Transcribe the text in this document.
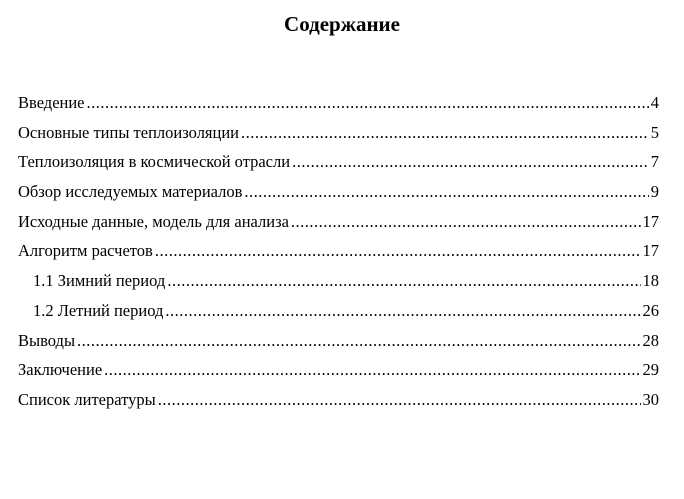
Содержание
Введение .....	4
Основные типы теплоизоляции .....	5
Теплоизоляция в космической отрасли .....	7
Обзор исследуемых материалов .....	9
Исходные данные, модель для анализа .....	17
Алгоритм расчетов .....	17
1.1 Зимний период .....	18
1.2 Летний период .....	26
Выводы .....	28
Заключение .....	29
Список литературы .....	30
